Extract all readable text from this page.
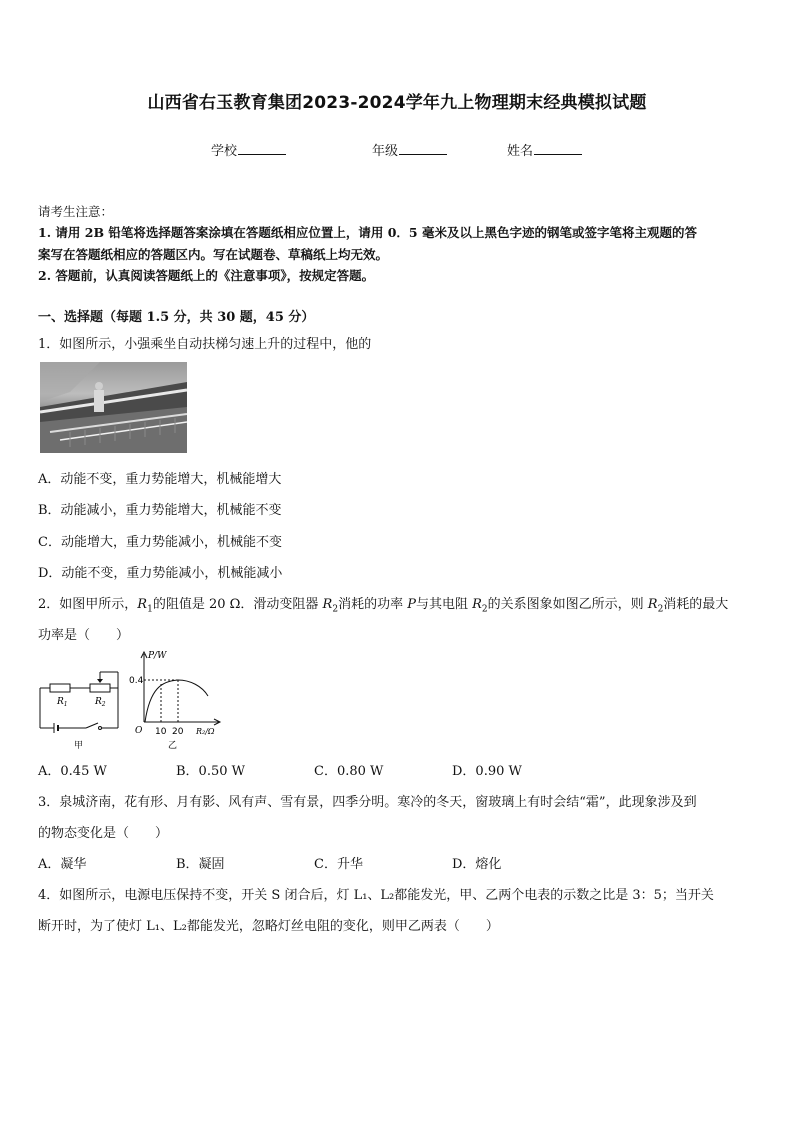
山西省右玉教育集团2023-2024学年九上物理期末经典模拟试题
学校	年级	姓名
请考生注意：
1. 请用 2B 铅笔将选择题答案涂填在答题纸相应位置上，请用 0．5 毫米及以上黑色字迹的钢笔或签字笔将主观题的答
案写在答题纸相应的答题区内。写在试题卷、草稿纸上均无效。
2. 答题前，认真阅读答题纸上的《注意事项》，按规定答题。
一、选择题（每题 1.5 分，共 30 题，45 分）
1．如图所示，小强乘坐自动扶梯匀速上升的过程中，他的
A．动能不变，重力势能增大，机械能增大
B．动能减小，重力势能增大，机械能不变
C．动能增大，重力势能减小，机械能不变
D．动能不变，重力势能减小，机械能减小
2．如图甲所示，$R_1$的阻值是 20 Ω．滑动变阻器 $R_2$消耗的功率 P与其电阻 $R_2$的关系图象如图乙所示，则 $R_2$消耗的最大
功率是（　　）
$R_1$	$R_2$
甲
P/W
0.4
O 10 20 R₂/Ω
乙
A．0.45 W	B．0.50 W	C．0.80 W	D．0.90 W
3．泉城济南，花有形、月有影、风有声、雪有景，四季分明。寒冷的冬天，窗玻璃上有时会结“霜”，此现象涉及到
的物态变化是（　　）
A．凝华	B．凝固	C．升华	D．熔化
4．如图所示，电源电压保持不变，开关 S 闭合后，灯 L₁、L₂都能发光，甲、乙两个电表的示数之比是 3：5；当开关
断开时，为了使灯 L₁、L₂都能发光，忽略灯丝电阻的变化，则甲乙两表（　　）
